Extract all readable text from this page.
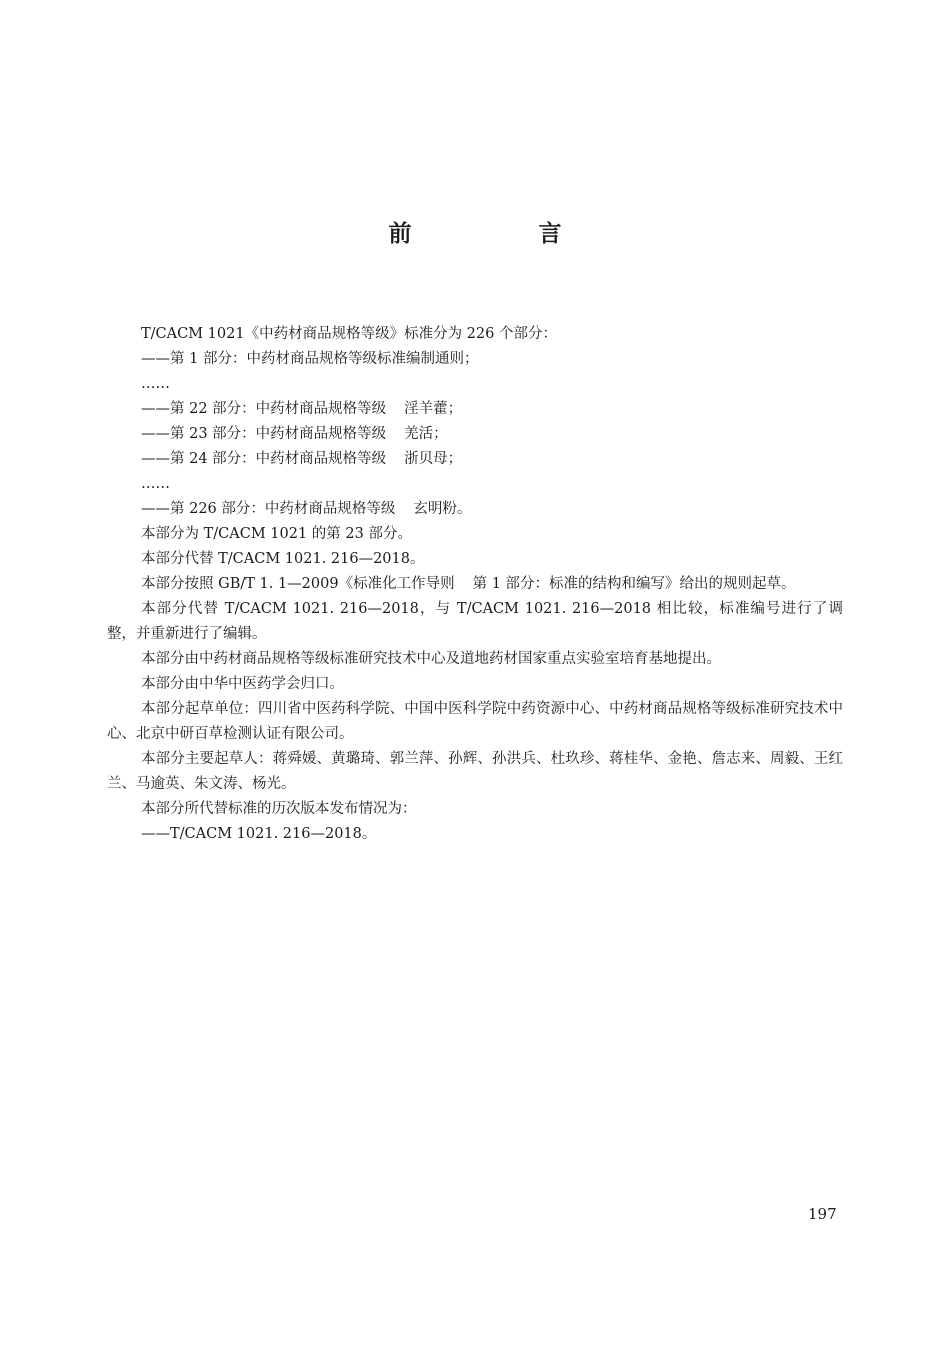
前　言

T/CACM 1021《中药材商品规格等级》标准分为 226 个部分：

——第 1 部分：中药材商品规格等级标准编制通则；

……

——第 22 部分：中药材商品规格等级 淫羊藿；

——第 23 部分：中药材商品规格等级 羌活；

——第 24 部分：中药材商品规格等级 浙贝母；

……

——第 226 部分：中药材商品规格等级 玄明粉。

本部分为 T/CACM 1021 的第 23 部分。

本部分代替 T/CACM 1021. 216—2018。

本部分按照 GB/T 1. 1—2009《标准化工作导则 第 1 部分：标准的结构和编写》给出的规则起草。

本部分代替 T/CACM 1021. 216—2018，与 T/CACM 1021. 216—2018 相比较，标准编号进行了调整，并重新进行了编辑。

本部分由中药材商品规格等级标准研究技术中心及道地药材国家重点实验室培育基地提出。

本部分由中华中医药学会归口。

本部分起草单位：四川省中医药科学院、中国中医科学院中药资源中心、中药材商品规格等级标准研究技术中心、北京中研百草检测认证有限公司。

本部分主要起草人：蒋舜媛、黄璐琦、郭兰萍、孙辉、孙洪兵、杜玖珍、蒋桂华、金艳、詹志来、周毅、王红兰、马逾英、朱文涛、杨光。

本部分所代替标准的历次版本发布情况为：

——T/CACM 1021. 216—2018。

197
